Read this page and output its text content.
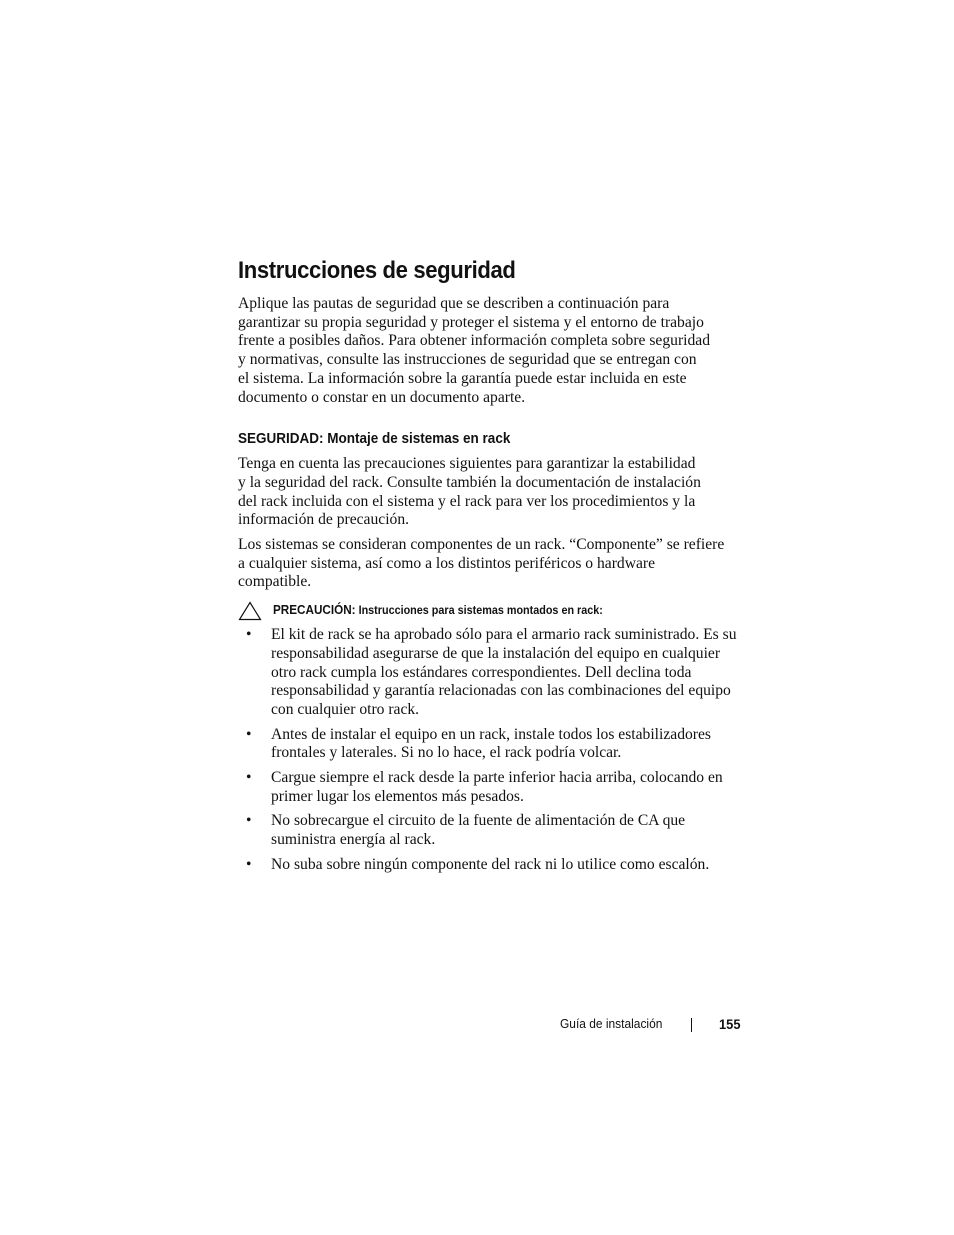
Instrucciones de seguridad

Aplique las pautas de seguridad que se describen a continuación para
garantizar su propia seguridad y proteger el sistema y el entorno de trabajo
frente a posibles daños. Para obtener información completa sobre seguridad
y normativas, consulte las instrucciones de seguridad que se entregan con
el sistema. La información sobre la garantía puede estar incluida en este
documento o constar en un documento aparte.

SEGURIDAD: Montaje de sistemas en rack

Tenga en cuenta las precauciones siguientes para garantizar la estabilidad
y la seguridad del rack. Consulte también la documentación de instalación
del rack incluida con el sistema y el rack para ver los procedimientos y la
información de precaución.

Los sistemas se consideran componentes de un rack. “Componente” se refiere
a cualquier sistema, así como a los distintos periféricos o hardware
compatible.

PRECAUCIÓN: Instrucciones para sistemas montados en rack:
• El kit de rack se ha aprobado sólo para el armario rack suministrado. Es su
responsabilidad asegurarse de que la instalación del equipo en cualquier
otro rack cumpla los estándares correspondientes. Dell declina toda
responsabilidad y garantía relacionadas con las combinaciones del equipo
con cualquier otro rack.
• Antes de instalar el equipo en un rack, instale todos los estabilizadores
frontales y laterales. Si no lo hace, el rack podría volcar.
• Cargue siempre el rack desde la parte inferior hacia arriba, colocando en
primer lugar los elementos más pesados.
• No sobrecargue el circuito de la fuente de alimentación de CA que
suministra energía al rack.
• No suba sobre ningún componente del rack ni lo utilice como escalón.
Guía de instalación	155
